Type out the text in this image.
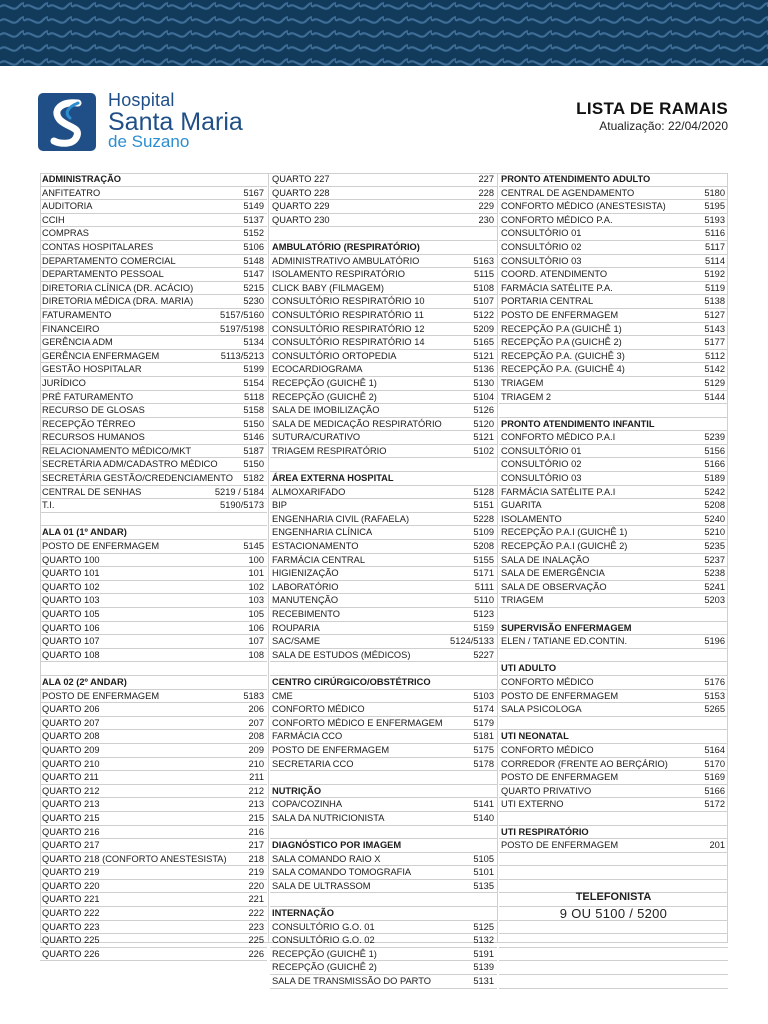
Hospital
Santa Maria
de Suzano
LISTA DE RAMAIS
Atualização: 22/04/2020
ADMINISTRAÇÃO
ANFITEATRO	5167
AUDITORIA	5149
CCIH	5137
COMPRAS	5152
CONTAS HOSPITALARES	5106
DEPARTAMENTO COMERCIAL	5148
DEPARTAMENTO PESSOAL	5147
DIRETORIA CLÍNICA (DR. ACÁCIO)	5215
DIRETORIA MÉDICA (DRA. MARIA)	5230
FATURAMENTO	5157/5160
FINANCEIRO	5197/5198
GERÊNCIA ADM	5134
GERÊNCIA ENFERMAGEM	5113/5213
GESTÃO HOSPITALAR	5199
JURÍDICO	5154
PRÉ FATURAMENTO	5118
RECURSO DE GLOSAS	5158
RECEPÇÃO TÉRREO	5150
RECURSOS HUMANOS	5146
RELACIONAMENTO MÉDICO/MKT	5187
SECRETÁRIA ADM/CADASTRO MÉDICO	5150
SECRETÁRIA GESTÃO/CREDENCIAMENTO 5182
CENTRAL DE SENHAS	5219 / 5184
T.I.	5190/5173
ALA 01 (1º ANDAR)
POSTO DE ENFERMAGEM	5145
QUARTO 100	100
QUARTO 101	101
QUARTO 102	102
QUARTO 103	103
QUARTO 105	105
QUARTO 106	106
QUARTO 107	107
QUARTO 108	108
ALA 02 (2º ANDAR)
POSTO DE ENFERMAGEM	5183
QUARTO 206	206
QUARTO 207	207
QUARTO 208	208
QUARTO 209	209
QUARTO 210	210
QUARTO 211	211
QUARTO 212	212
QUARTO 213	213
QUARTO 215	215
QUARTO 216	216
QUARTO 217	217
QUARTO 218 (CONFORTO ANESTESISTA) 218
QUARTO 219	219
QUARTO 220	220
QUARTO 221	221
QUARTO 222	222
QUARTO 223	223
QUARTO 225	225
QUARTO 226	226
QUARTO 227	227
QUARTO 228	228
QUARTO 229	229
QUARTO 230	230
AMBULATÓRIO (RESPIRATÓRIO)
ADMINISTRATIVO AMBULATÓRIO	5163
ISOLAMENTO RESPIRATÓRIO	5115
CLICK BABY (FILMAGEM)	5108
CONSULTÓRIO RESPIRATÓRIO 10	5107
CONSULTÓRIO RESPIRATÓRIO 11	5122
CONSULTÓRIO RESPIRATÓRIO 12	5209
CONSULTÓRIO RESPIRATÓRIO 14	5165
CONSULTÓRIO ORTOPEDIA	5121
ECOCARDIOGRAMA	5136
RECEPÇÃO (GUICHÊ 1)	5130
RECEPÇÃO (GUICHÊ 2)	5104
SALA DE IMOBILIZAÇÃO	5126
SALA DE MEDICAÇÃO RESPIRATÓRIO	5120
SUTURA/CURATIVO	5121
TRIAGEM RESPIRATÓRIO	5102
ÁREA EXTERNA HOSPITAL
ALMOXARIFADO	5128
BIP	5151
ENGENHARIA CIVIL (RAFAELA)	5228
ENGENHARIA CLÍNICA	5109
ESTACIONAMENTO	5208
FARMÁCIA CENTRAL	5155
HIGIENIZAÇÃO	5171
LABORATÓRIO	5111
MANUTENÇÃO	5110
RECEBIMENTO	5123
ROUPARIA	5159
SAC/SAME	5124/5133
SALA DE ESTUDOS (MÉDICOS)	5227
CENTRO CIRÚRGICO/OBSTÉTRICO
CME	5103
CONFORTO MÉDICO	5174
CONFORTO MÉDICO E ENFERMAGEM	5179
FARMÁCIA CCO	5181
POSTO DE ENFERMAGEM	5175
SECRETARIA CCO	5178
NUTRIÇÃO
COPA/COZINHA	5141
SALA DA NUTRICIONISTA	5140
DIAGNÓSTICO POR IMAGEM
SALA COMANDO RAIO X	5105
SALA COMANDO TOMOGRAFIA	5101
SALA DE ULTRASSOM	5135
INTERNAÇÃO
CONSULTÓRIO G.O. 01	5125
CONSULTÓRIO G.O. 02	5132
RECEPÇÃO (GUICHÊ 1)	5191
RECEPÇÃO (GUICHÊ 2)	5139
SALA DE TRANSMISSÃO DO PARTO	5131
PRONTO ATENDIMENTO ADULTO
CENTRAL DE AGENDAMENTO	5180
CONFORTO MÉDICO (ANESTESISTA)	5195
CONFORTO MÉDICO P.A.	5193
CONSULTÓRIO 01	5116
CONSULTÓRIO 02	5117
CONSULTÓRIO 03	5114
COORD. ATENDIMENTO	5192
FARMÁCIA SATÉLITE P.A.	5119
PORTARIA CENTRAL	5138
POSTO DE ENFERMAGEM	5127
RECEPÇÃO P.A (GUICHÊ 1)	5143
RECEPÇÃO P.A (GUICHÊ 2)	5177
RECEPÇÃO P.A. (GUICHÊ 3)	5112
RECEPÇÃO P.A. (GUICHÊ 4)	5142
TRIAGEM	5129
TRIAGEM 2	5144
PRONTO ATENDIMENTO INFANTIL
CONFORTO MÉDICO P.A.I	5239
CONSULTÓRIO 01	5156
CONSULTÓRIO 02	5166
CONSULTÓRIO 03	5189
FARMÁCIA SATÉLITE P.A.I	5242
GUARITA	5208
ISOLAMENTO	5240
RECEPÇÃO P.A.I (GUICHÊ 1)	5210
RECEPÇÃO P.A.I (GUICHÊ 2)	5235
SALA DE INALAÇÃO	5237
SALA DE EMERGÊNCIA	5238
SALA DE OBSERVAÇÃO	5241
TRIAGEM	5203
SUPERVISÃO ENFERMAGEM
ELEN / TATIANE ED.CONTIN.	5196
UTI ADULTO
CONFORTO MÉDICO	5176
POSTO DE ENFERMAGEM	5153
SALA PSICOLOGA	5265
UTI NEONATAL
CONFORTO MÉDICO	5164
CORREDOR (FRENTE AO BERÇÁRIO)	5170
POSTO DE ENFERMAGEM	5169
QUARTO PRIVATIVO	5166
UTI EXTERNO	5172
UTI RESPIRATÓRIO
POSTO DE ENFERMAGEM	201
TELEFONISTA
9 OU 5100 / 5200
